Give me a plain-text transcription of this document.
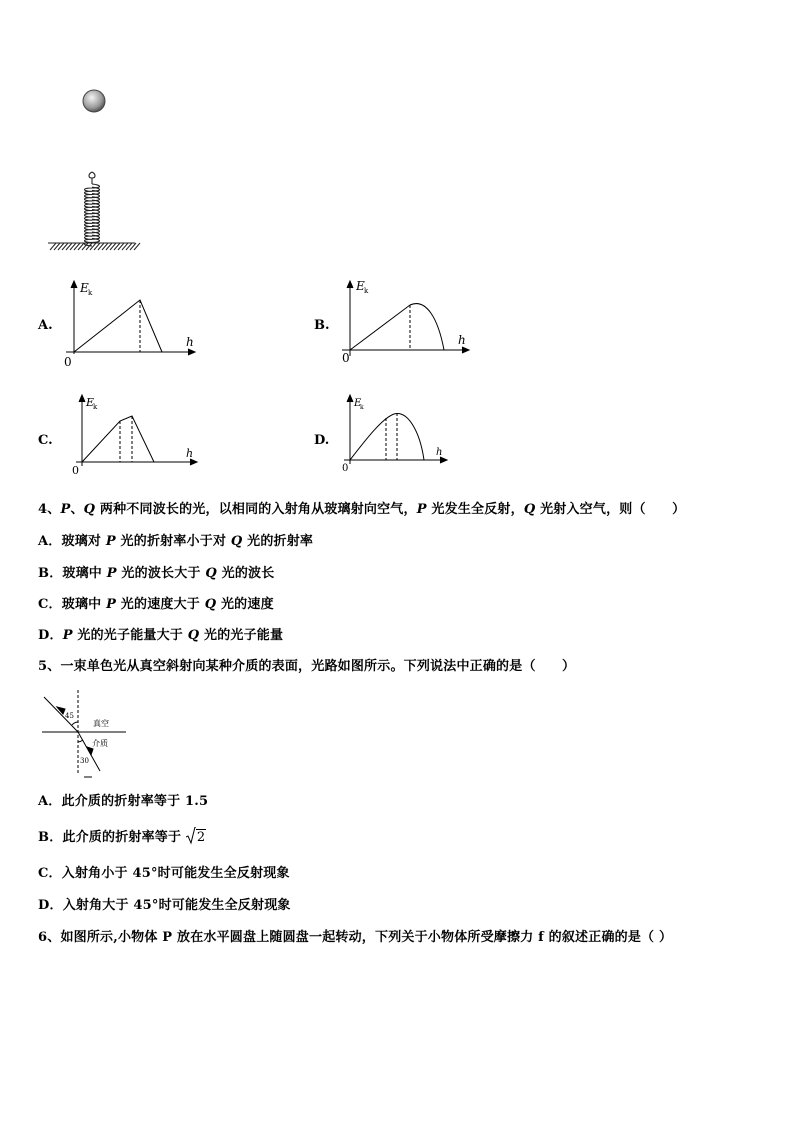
A.	B.
C.	D.
E k
h
0
E k
h
0
E
k
h
0
E
k
h
0
4、P、Q 两种不同波长的光，以相同的入射角从玻璃射向空气，P 光发生全反射，Q 光射入空气，则（　　）
A．玻璃对 P 光的折射率小于对 Q 光的折射率
B．玻璃中 P 光的波长大于 Q 光的波长
C．玻璃中 P 光的速度大于 Q 光的速度
D．P 光的光子能量大于 Q 光的光子能量
5、一束单色光从真空斜射向某种介质的表面，光路如图所示。下列说法中正确的是（　　）
45
30
真空
介质
A．此介质的折射率等于 1.5
B．此介质的折射率等于 2
C．入射角小于 45°时可能发生全反射现象
D．入射角大于 45°时可能发生全反射现象
6、如图所示,小物体 P 放在水平圆盘上随圆盘一起转动，下列关于小物体所受摩擦力 f 的叙述正确的是（ ）
